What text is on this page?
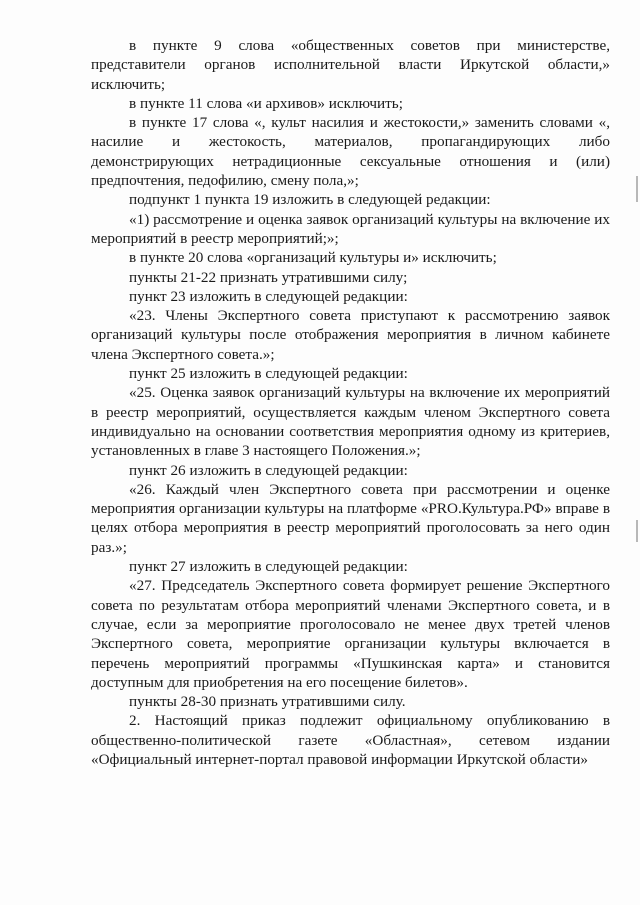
в пункте 9 слова «общественных советов при министерстве, представители органов исполнительной власти Иркутской области,» исключить;

в пункте 11 слова «и архивов» исключить;

в пункте 17 слова «, культ насилия и жестокости,» заменить словами «, насилие и жестокость, материалов, пропагандирующих либо демонстрирующих нетрадиционные сексуальные отношения и (или) предпочтения, педофилию, смену пола,»;

подпункт 1 пункта 19 изложить в следующей редакции:

«1) рассмотрение и оценка заявок организаций культуры на включение их мероприятий в реестр мероприятий;»;

в пункте 20 слова «организаций культуры и» исключить;

пункты 21-22 признать утратившими силу;

пункт 23 изложить в следующей редакции:

«23. Члены Экспертного совета приступают к рассмотрению заявок организаций культуры после отображения мероприятия в личном кабинете члена Экспертного совета.»;

пункт 25 изложить в следующей редакции:

«25. Оценка заявок организаций культуры на включение их мероприятий в реестр мероприятий, осуществляется каждым членом Экспертного совета индивидуально на основании соответствия мероприятия одному из критериев, установленных в главе 3 настоящего Положения.»;

пункт 26 изложить в следующей редакции:

«26. Каждый член Экспертного совета при рассмотрении и оценке мероприятия организации культуры на платформе «PRO.Культура.РФ» вправе в целях отбора мероприятия в реестр мероприятий проголосовать за него один раз.»;

пункт 27 изложить в следующей редакции:

«27. Председатель Экспертного совета формирует решение Экспертного совета по результатам отбора мероприятий членами Экспертного совета, и в случае, если за мероприятие проголосовало не менее двух третей членов Экспертного совета, мероприятие организации культуры включается в перечень мероприятий программы «Пушкинская карта» и становится доступным для приобретения на его посещение билетов».

пункты 28-30 признать утратившими силу.

2. Настоящий приказ подлежит официальному опубликованию в общественно-политической газете «Областная», сетевом издании «Официальный интернет-портал правовой информации Иркутской области»
